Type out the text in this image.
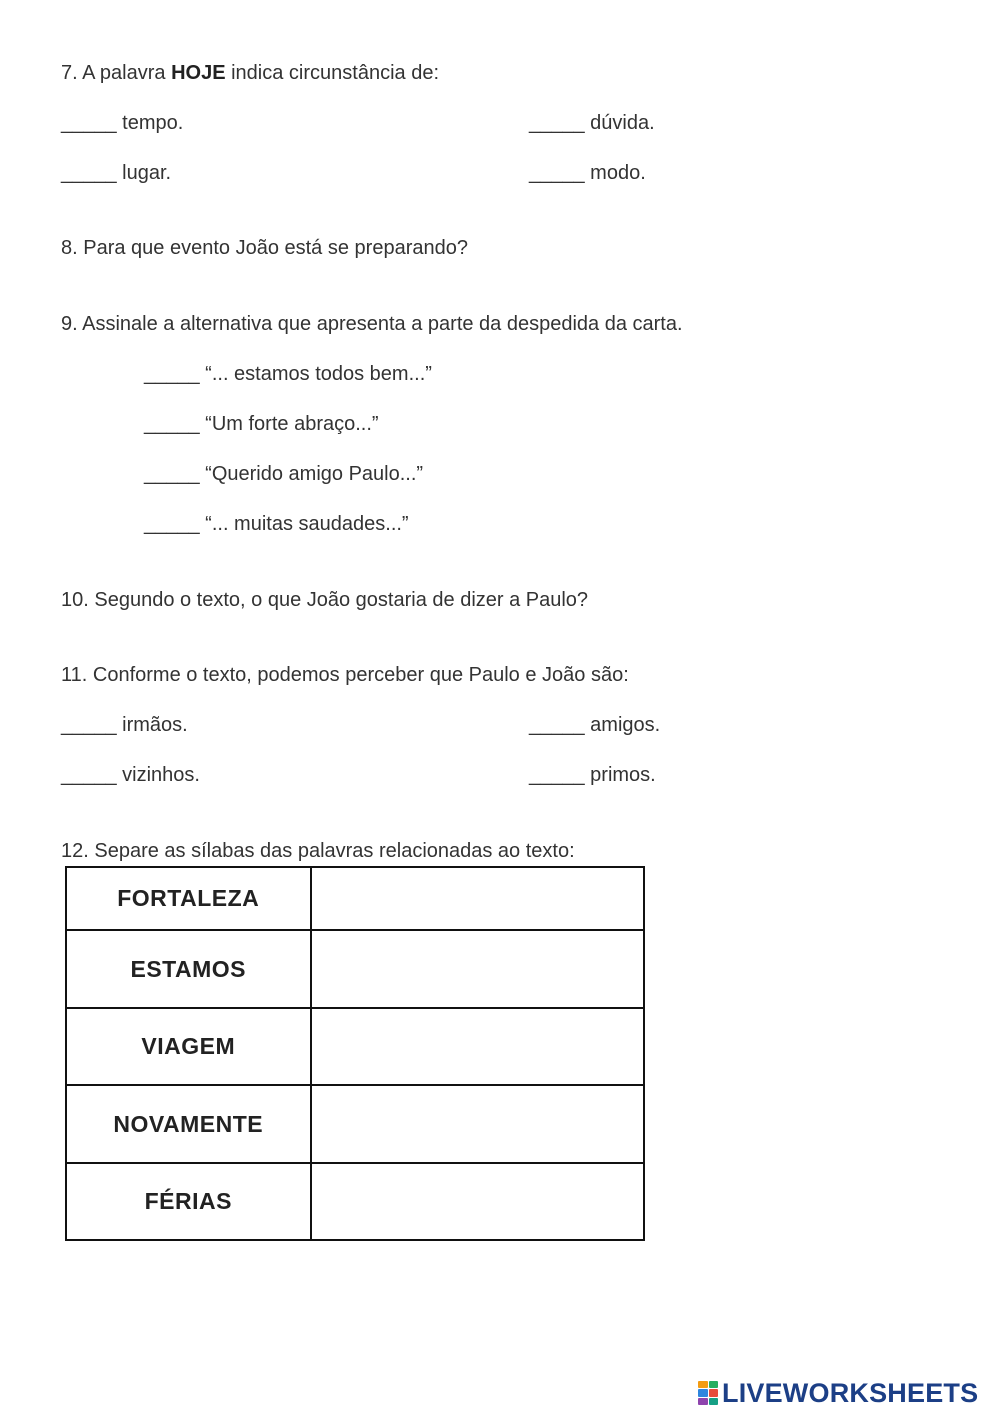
7. A palavra HOJE indica circunstância de:
_____ tempo.	_____ dúvida.
_____ lugar.	_____ modo.
8. Para que evento João está se preparando?
9. Assinale a alternativa que apresenta a parte da despedida da carta.
_____ “... estamos todos bem...”
_____ “Um forte abraço...”
_____ “Querido amigo Paulo...”
_____ “... muitas saudades...”
10. Segundo o texto, o que João gostaria de dizer a Paulo?
11. Conforme o texto, podemos perceber que Paulo e João são:
_____ irmãos.	_____ amigos.
_____ vizinhos.	_____ primos.
12. Separe as sílabas das palavras relacionadas ao texto:
FORTALEZA	
ESTAMOS	
VIAGEM	
NOVAMENTE	
FÉRIAS	
LIVEWORKSHEETS
